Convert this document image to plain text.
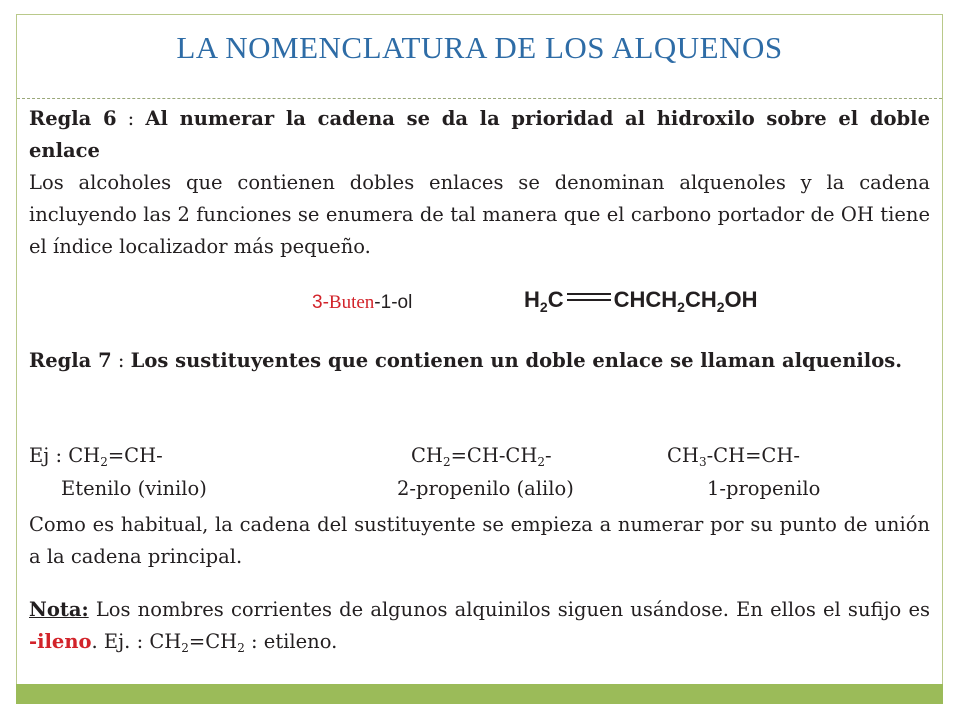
LA NOMENCLATURA DE LOS ALQUENOS
Regla 6 : Al numerar la cadena se da la prioridad al hidroxilo sobre el doble enlace
Los alcoholes que contienen dobles enlaces se denominan alquenoles y la cadena incluyendo las 2 funciones se enumera de tal manera que el carbono portador de OH tiene el índice localizador más pequeño.
3-Buten-1-ol	$H_2C$ $CHCH_2CH_2OH$
Regla 7 : Los sustituyentes que contienen un doble enlace se llaman alquenilos.
Ej : $CH_2=CH-$	$CH_2=CH-CH_2-$	$CH_3-CH=CH-$
Etenilo (vinilo)	2-propenilo (alilo)	1-propenilo
Como es habitual, la cadena del sustituyente se empieza a numerar por su punto de unión a la cadena principal.
Nota: Los nombres corrientes de algunos alquinilos siguen usándose. En ellos el sufijo es -ileno. Ej. : $CH_2=CH_2$ : etileno.
